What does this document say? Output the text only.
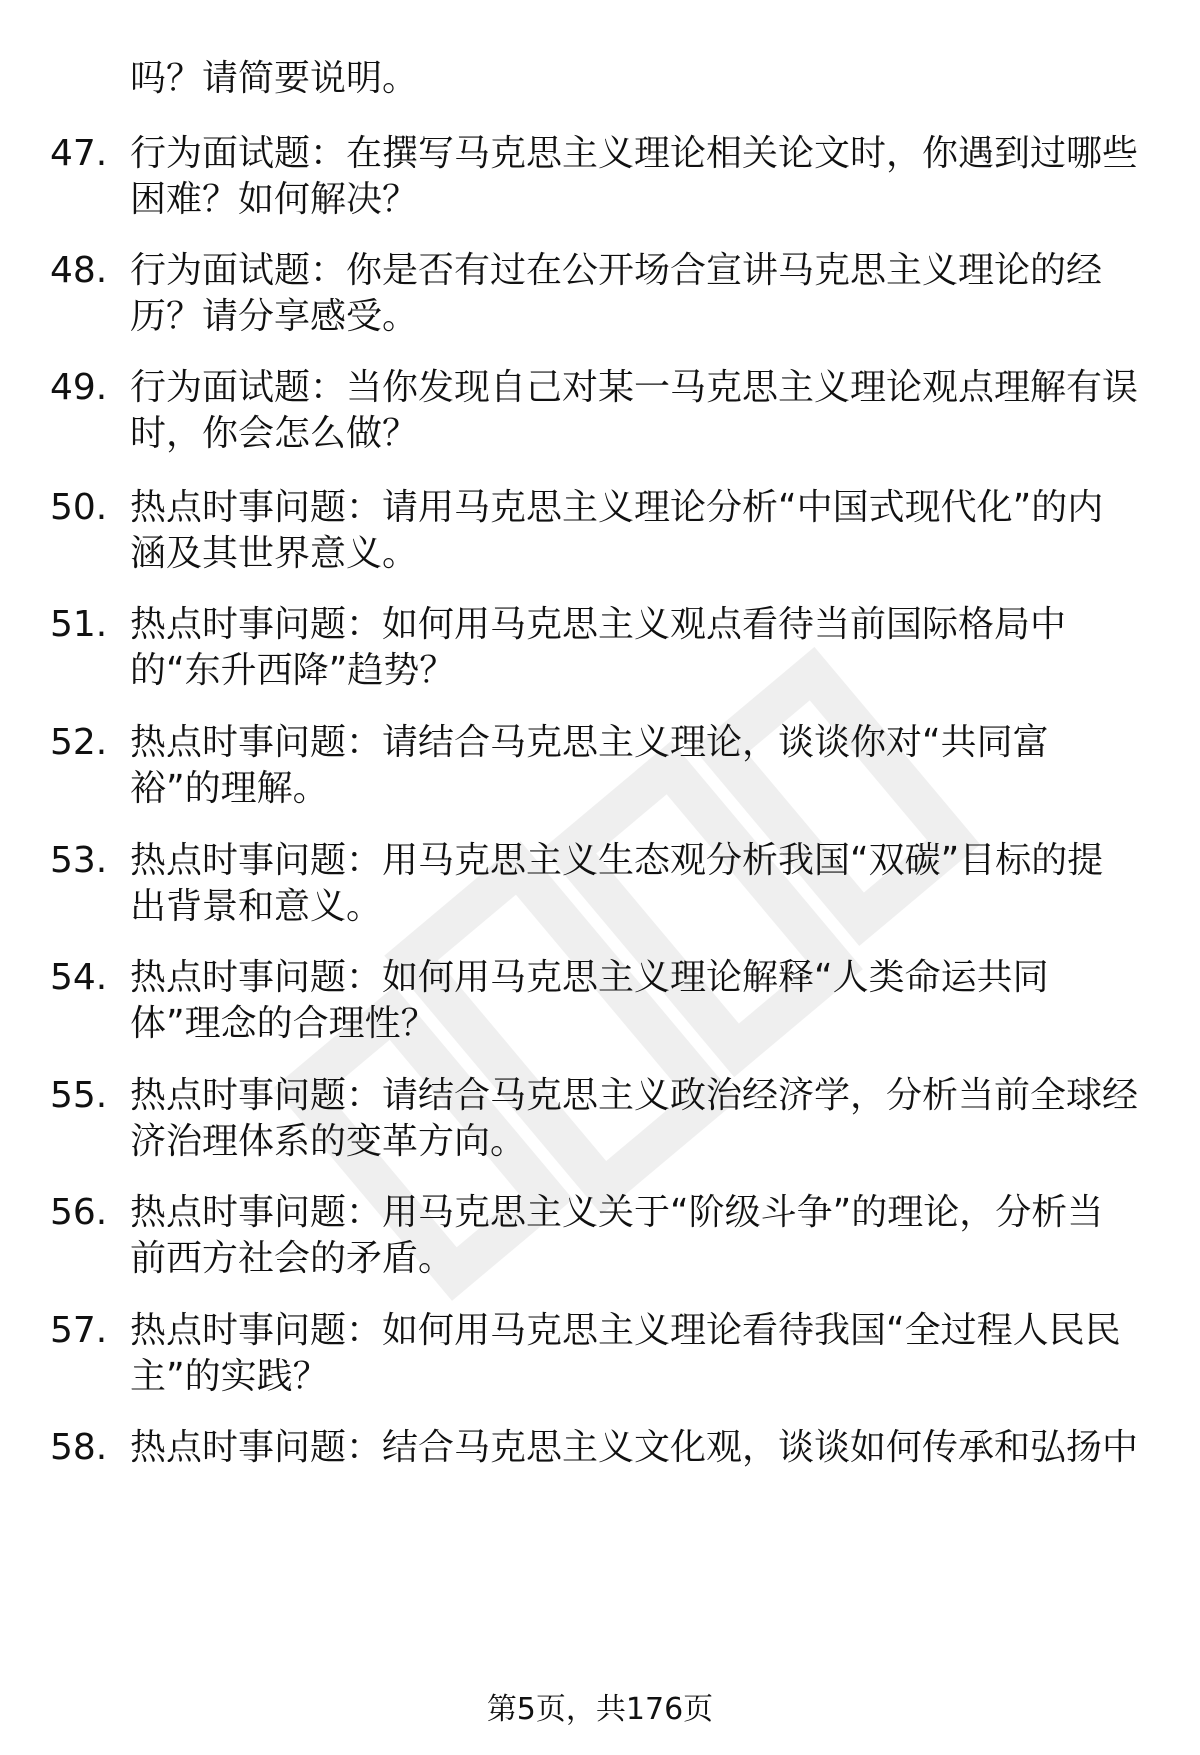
吗？请简要说明。
47. 行为面试题：在撰写马克思主义理论相关论文时，你遇到过哪些
困难？如何解决？
48. 行为面试题：你是否有过在公开场合宣讲马克思主义理论的经
历？请分享感受。
49. 行为面试题：当你发现自己对某一马克思主义理论观点理解有误
时，你会怎么做？
50. 热点时事问题：请用马克思主义理论分析“中国式现代化”的内
涵及其世界意义。
51. 热点时事问题：如何用马克思主义观点看待当前国际格局中
的“东升西降”趋势？
52. 热点时事问题：请结合马克思主义理论，谈谈你对“共同富
裕”的理解。
53. 热点时事问题：用马克思主义生态观分析我国“双碳”目标的提
出背景和意义。
54. 热点时事问题：如何用马克思主义理论解释“人类命运共同
体”理念的合理性？
55. 热点时事问题：请结合马克思主义政治经济学，分析当前全球经
济治理体系的变革方向。
56. 热点时事问题：用马克思主义关于“阶级斗争”的理论，分析当
前西方社会的矛盾。
57. 热点时事问题：如何用马克思主义理论看待我国“全过程人民民
主”的实践？
58. 热点时事问题：结合马克思主义文化观，谈谈如何传承和弘扬中
第5页，共176页
